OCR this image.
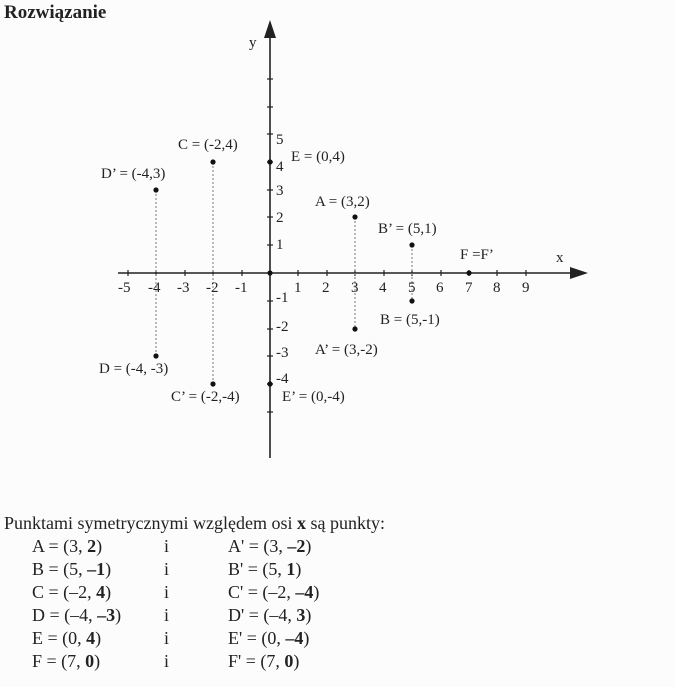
Rozwiązanie
y
x
-5 -4 -3 -2 -1	1 2 3 4 5 6 7 8 9
5
4
3
2
1
-1
-2
-3
-4
C = (-2,4)
D’ = (-4,3)
E = (0,4)
A = (3,2)
B’ = (5,1)
F =F’
B = (5,-1)
A’ = (3,-2)
D = (-4, -3)
C’ = (-2,-4)	E’ = (0,-4)
Punktami symetrycznymi względem osi x są punkty:
A = (3, 2)	i	A' = (3, –2)
B = (5, –1)	i	B' = (5, 1)
C = (–2, 4)	i	C' = (–2, –4)
D = (–4, –3)	i	D' = (–4, 3)
E = (0, 4)	i	E' = (0, –4)
F = (7, 0)	i	F' = (7, 0)
